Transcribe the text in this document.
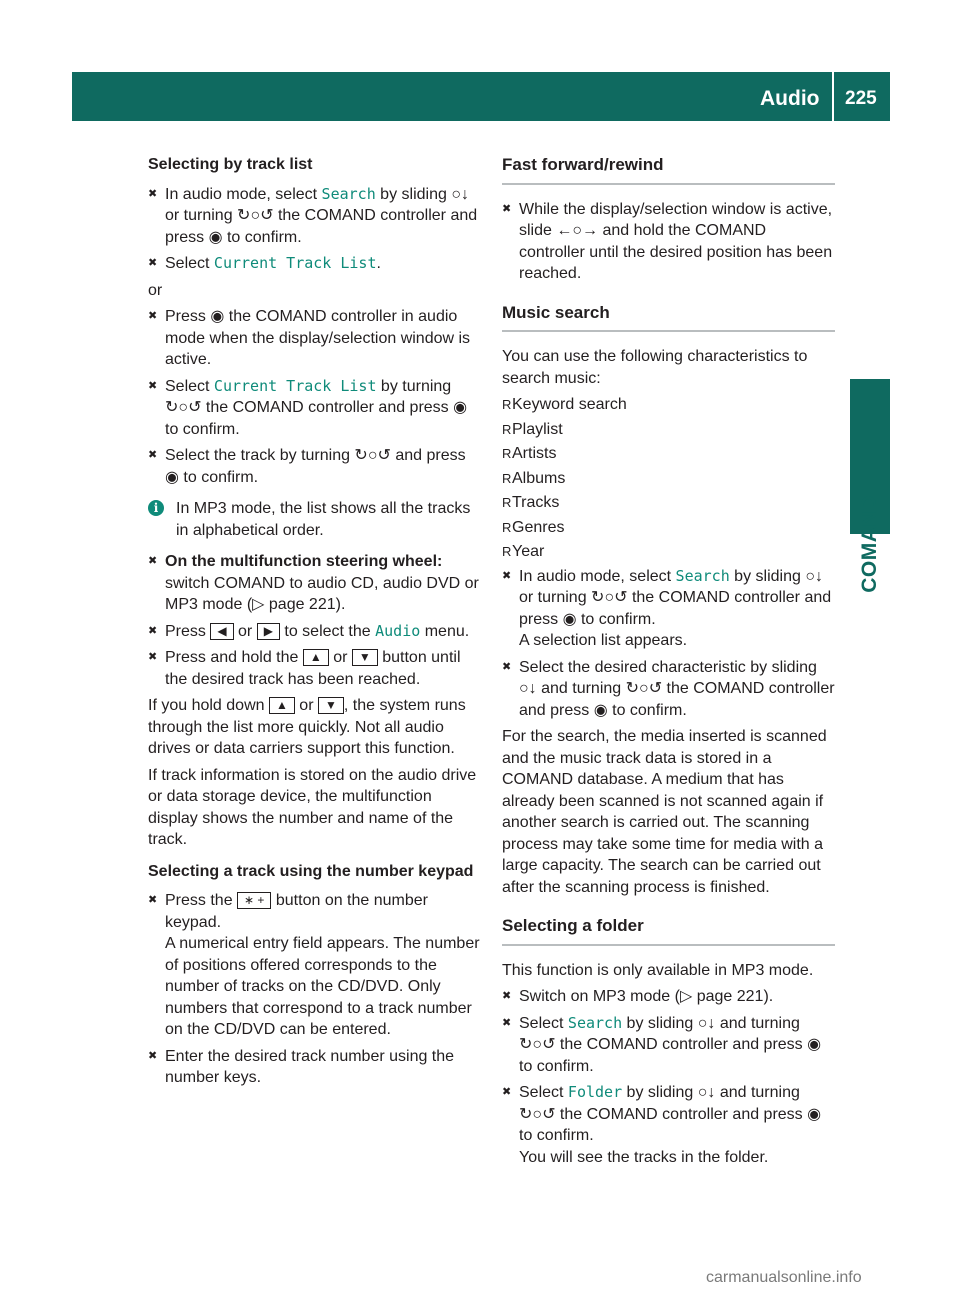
Audio 225
COMAND
Selecting by track list
✖ In audio mode, select Search by sliding ○↓ or turning ↻○↺ the COMAND controller and press ◉ to confirm.
✖ Select Current Track List.
or
✖ Press ◉ the COMAND controller in audio mode when the display/selection window is active.
✖ Select Current Track List by turning ↻○↺ the COMAND controller and press ◉ to confirm.
✖ Select the track by turning ↻○↺ and press ◉ to confirm.
i	In MP3 mode, the list shows all the tracks in alphabetical order.
✖ On the multifunction steering wheel: switch COMAND to audio CD, audio DVD or MP3 mode (▷ page 221).
✖ Press ◀ or ▶ to select the Audio menu.
✖ Press and hold the ▲ or ▼ button until the desired track has been reached.
If you hold down ▲ or ▼ , the system runs through the list more quickly. Not all audio drives or data carriers support this function.
If track information is stored on the audio drive or data storage device, the multifunction display shows the number and name of the track.
Selecting a track using the number keypad
✖ Press the ∗ + button on the number keypad.
A numerical entry field appears. The number of positions offered corresponds to the number of tracks on the CD/DVD. Only numbers that correspond to a track number on the CD/DVD can be entered.
✖ Enter the desired track number using the number keys.
Fast forward/rewind
✖ While the display/selection window is active, slide ←○→ and hold the COMAND controller until the desired position has been reached.
Music search
You can use the following characteristics to search music:
R Keyword search
R Playlist
R Artists
R Albums
R Tracks
R Genres
R Year
✖ In audio mode, select Search by sliding ○↓ or turning ↻○↺ the COMAND controller and press ◉ to confirm.
A selection list appears.
✖ Select the desired characteristic by sliding ○↓ and turning ↻○↺ the COMAND controller and press ◉ to confirm.
For the search, the media inserted is scanned and the music track data is stored in a COMAND database. A medium that has already been scanned is not scanned again if another search is carried out. The scanning process may take some time for media with a large capacity. The search can be carried out after the scanning process is finished.
Selecting a folder
This function is only available in MP3 mode.
✖ Switch on MP3 mode (▷ page 221).
✖ Select Search by sliding ○↓ and turning ↻○↺ the COMAND controller and press ◉ to confirm.
✖ Select Folder by sliding ○↓ and turning ↻○↺ the COMAND controller and press ◉ to confirm.
You will see the tracks in the folder.
carmanualsonline.info
